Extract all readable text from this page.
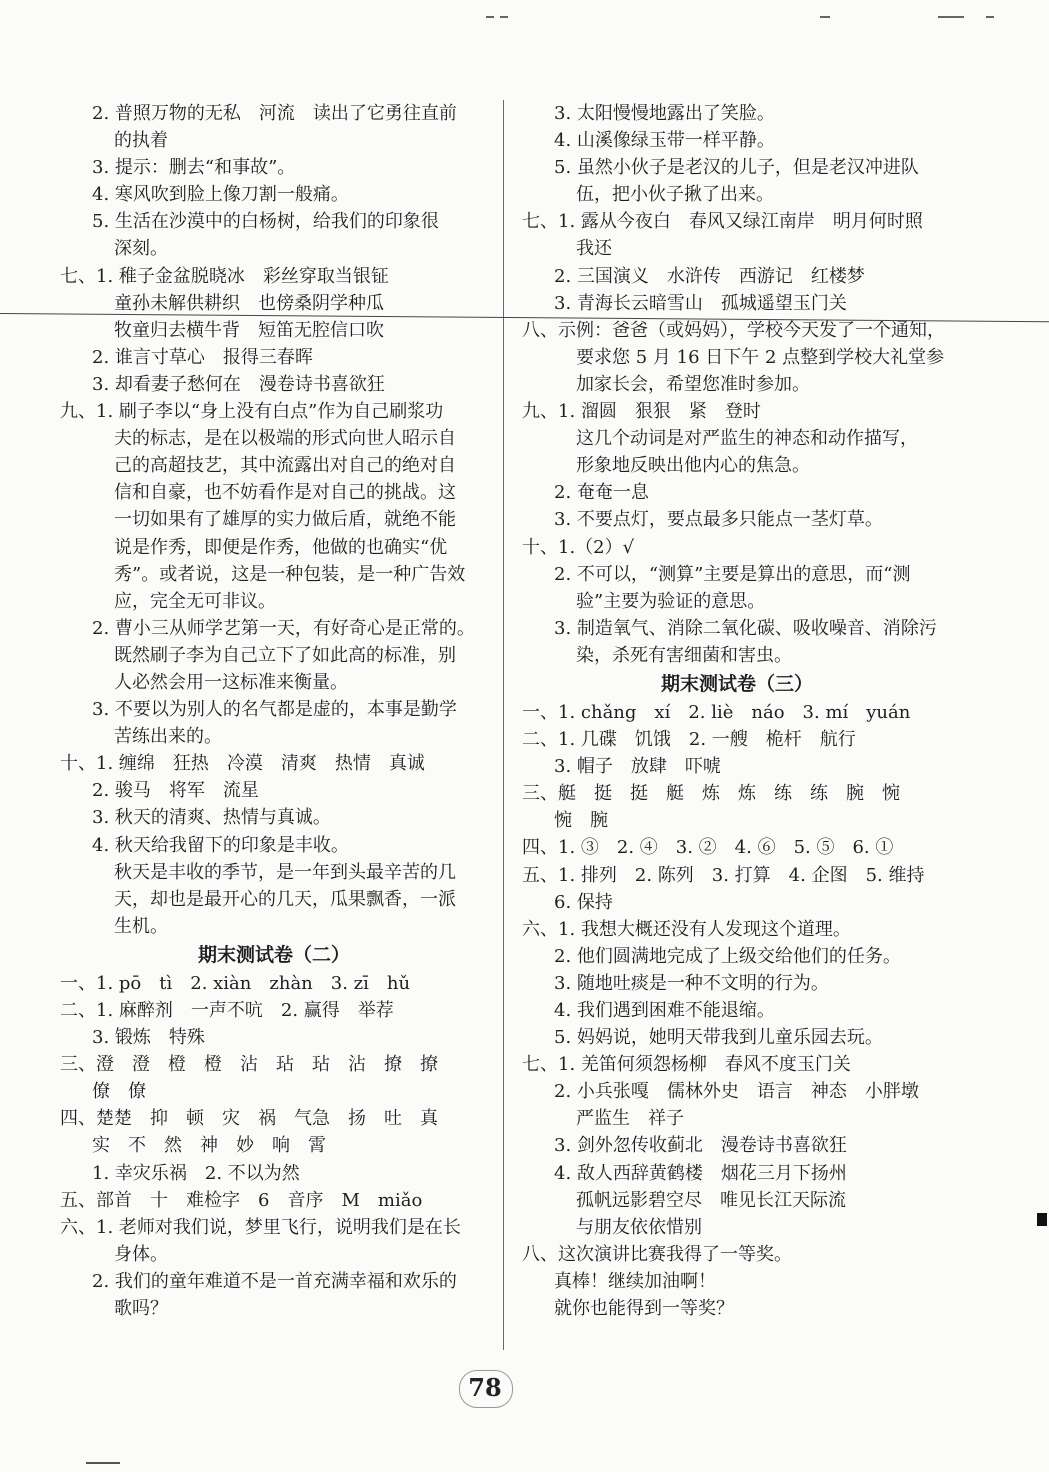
2. 普照万物的无私　河流　读出了它勇往直前
的执着
3. 提示：删去“和事故”。
4. 寒风吹到脸上像刀割一般痛。
5. 生活在沙漠中的白杨树，给我们的印象很
深刻。
七、1. 稚子金盆脱晓冰　彩丝穿取当银钲
童孙未解供耕织　也傍桑阴学种瓜
牧童归去横牛背　短笛无腔信口吹
2. 谁言寸草心　报得三春晖
3. 却看妻子愁何在　漫卷诗书喜欲狂
九、1. 刷子李以“身上没有白点”作为自己刷浆功
夫的标志，是在以极端的形式向世人昭示自
己的高超技艺，其中流露出对自己的绝对自
信和自豪，也不妨看作是对自己的挑战。这
一切如果有了雄厚的实力做后盾，就绝不能
说是作秀，即便是作秀，他做的也确实“优
秀”。或者说，这是一种包装，是一种广告效
应，完全无可非议。
2. 曹小三从师学艺第一天，有好奇心是正常的。
既然刷子李为自己立下了如此高的标准，别
人必然会用一这标准来衡量。
3. 不要以为别人的名气都是虚的，本事是勤学
苦练出来的。
十、1. 缠绵　狂热　冷漠　清爽　热情　真诚
2. 骏马　将军　流星
3. 秋天的清爽、热情与真诚。
4. 秋天给我留下的印象是丰收。
秋天是丰收的季节，是一年到头最辛苦的几
天，却也是最开心的几天，瓜果飘香，一派
生机。
期末测试卷（二）
一、1. pō　tì　2. xiàn　zhàn　3. zī　hǔ
二、1. 麻醉剂　一声不吭　2. 赢得　举荐
3. 锻炼　特殊
三、澄　澄　橙　橙　沾　玷　玷　沾　撩　撩
僚　僚
四、楚楚　抑　顿　灾　祸　气急　扬　吐　真
实　不　然　神　妙　响　霄
1. 幸灾乐祸　2. 不以为然
五、部首　十　难检字　6　音序　M　miǎo
六、1. 老师对我们说，梦里飞行，说明我们是在长
身体。
2. 我们的童年难道不是一首充满幸福和欢乐的
歌吗？
3. 太阳慢慢地露出了笑脸。
4. 山溪像绿玉带一样平静。
5. 虽然小伙子是老汉的儿子，但是老汉冲进队
伍，把小伙子揪了出来。
七、1. 露从今夜白　春风又绿江南岸　明月何时照
我还
2. 三国演义　水浒传　西游记　红楼梦
3. 青海长云暗雪山　孤城遥望玉门关
八、示例：爸爸（或妈妈），学校今天发了一个通知，
要求您 5 月 16 日下午 2 点整到学校大礼堂参
加家长会，希望您准时参加。
九、1. 溜圆　狠狠　紧　登时
这几个动词是对严监生的神态和动作描写，
形象地反映出他内心的焦急。
2. 奄奄一息
3. 不要点灯，要点最多只能点一茎灯草。
十、1.（2）√
2. 不可以，“测算”主要是算出的意思，而“测
验”主要为验证的意思。
3. 制造氧气、消除二氧化碳、吸收噪音、消除污
染，杀死有害细菌和害虫。
期末测试卷（三）
一、1. chǎng　xí　2. liè　náo　3. mí　yuán
二、1. 几碟　饥饿　2. 一艘　桅杆　航行
3. 帽子　放肆　吓唬
三、艇　挺　挺　艇　炼　炼　练　练　腕　惋
惋　腕
四、1. ③　2. ④　3. ②　4. ⑥　5. ⑤　6. ①
五、1. 排列　2. 陈列　3. 打算　4. 企图　5. 维持
6. 保持
六、1. 我想大概还没有人发现这个道理。
2. 他们圆满地完成了上级交给他们的任务。
3. 随地吐痰是一种不文明的行为。
4. 我们遇到困难不能退缩。
5. 妈妈说，她明天带我到儿童乐园去玩。
七、1. 羌笛何须怨杨柳　春风不度玉门关
2. 小兵张嘎　儒林外史　语言　神态　小胖墩
严监生　祥子
3. 剑外忽传收蓟北　漫卷诗书喜欲狂
4. 敌人西辞黄鹤楼　烟花三月下扬州
孤帆远影碧空尽　唯见长江天际流
与朋友依依惜别
八、这次演讲比赛我得了一等奖。
真棒！继续加油啊！
就你也能得到一等奖？
78
